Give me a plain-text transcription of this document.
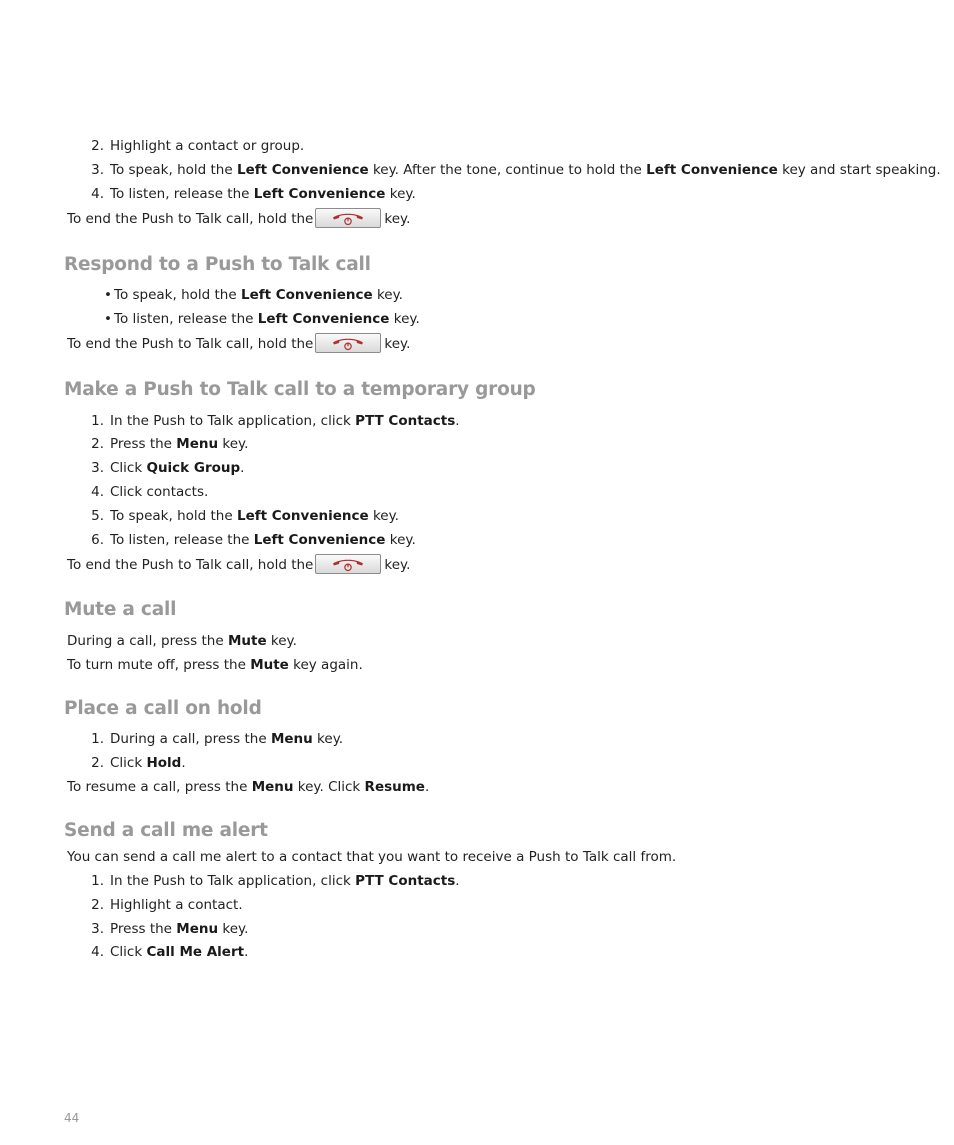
2. Highlight a contact or group.
3. To speak, hold the Left Convenience key. After the tone, continue to hold the Left Convenience key and start speaking.
4. To listen, release the Left Convenience key.
To end the Push to Talk call, hold the	key.
Respond to a Push to Talk call
• To speak, hold the Left Convenience key.
• To listen, release the Left Convenience key.
To end the Push to Talk call, hold the	key.
Make a Push to Talk call to a temporary group
1. In the Push to Talk application, click PTT Contacts.
2. Press the Menu key.
3. Click Quick Group.
4. Click contacts.
5. To speak, hold the Left Convenience key.
6. To listen, release the Left Convenience key.
To end the Push to Talk call, hold the	key.
Mute a call
During a call, press the Mute key.
To turn mute off, press the Mute key again.
Place a call on hold
1. During a call, press the Menu key.
2. Click Hold.
To resume a call, press the Menu key. Click Resume.
Send a call me alert
You can send a call me alert to a contact that you want to receive a Push to Talk call from.
1. In the Push to Talk application, click PTT Contacts.
2. Highlight a contact.
3. Press the Menu key.
4. Click Call Me Alert.
44
